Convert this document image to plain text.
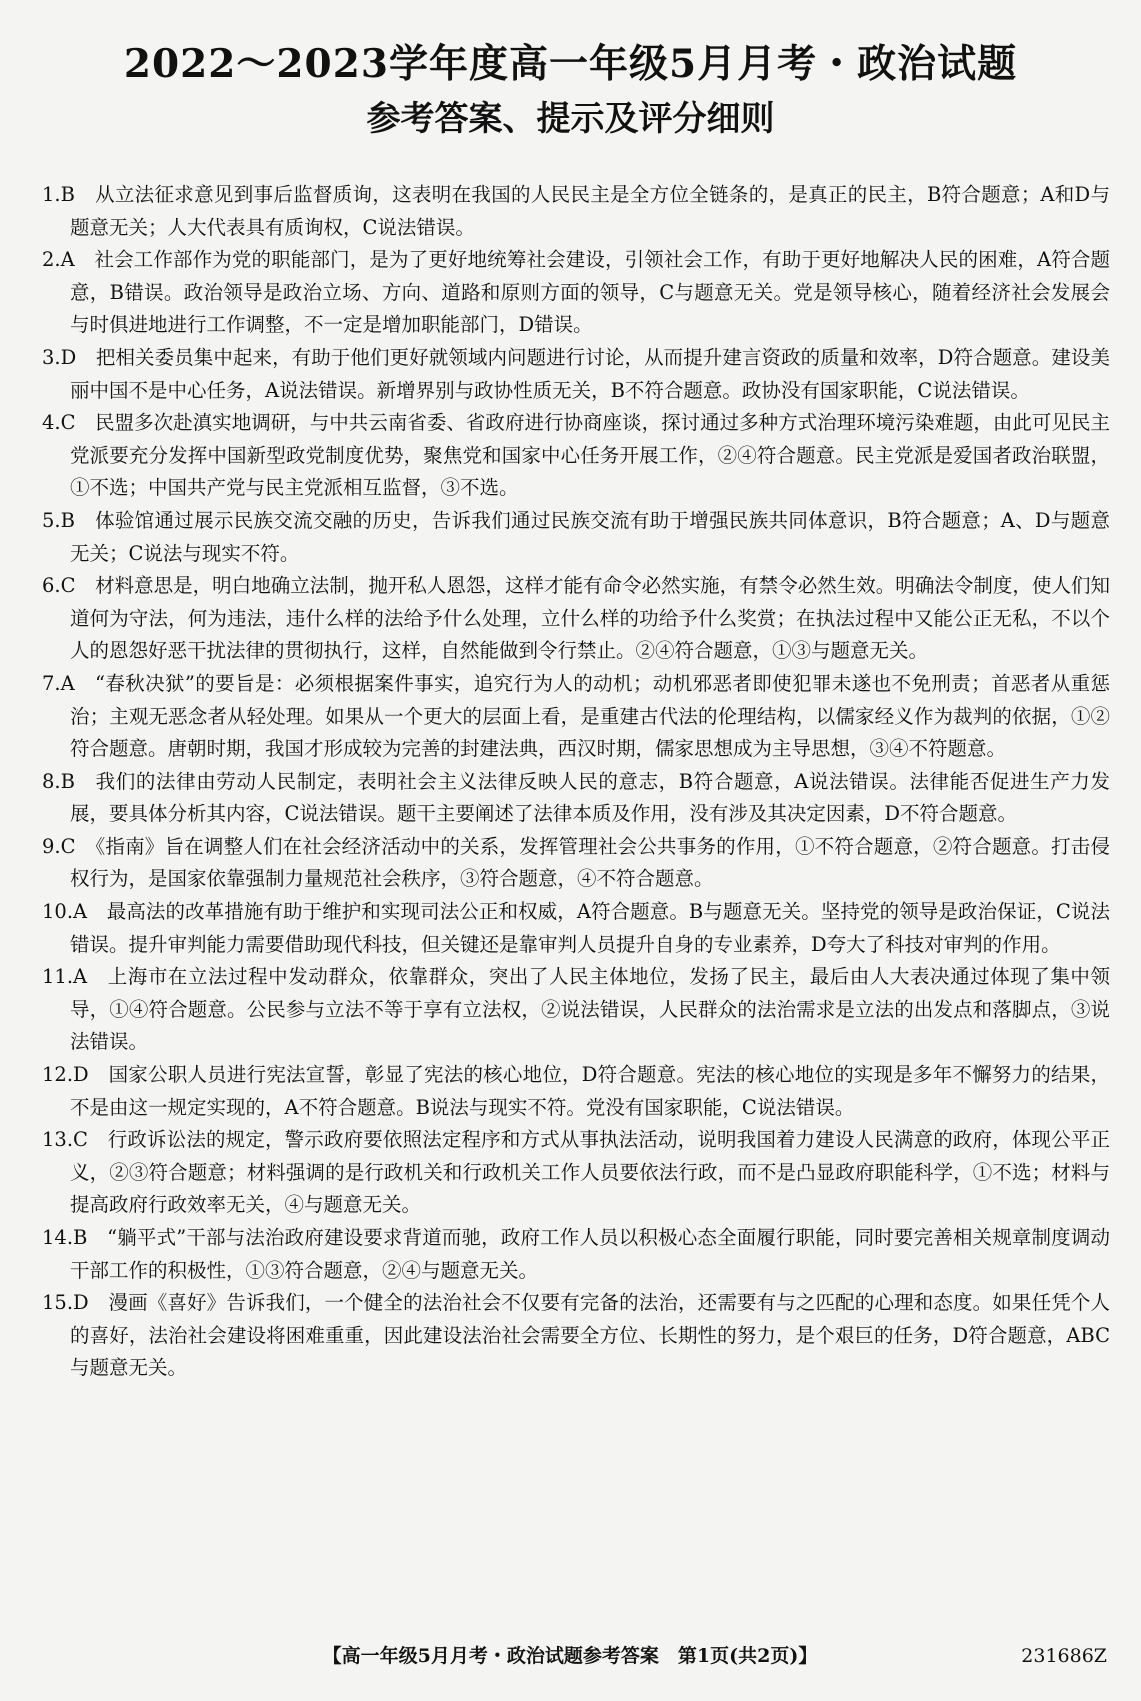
2022～2023学年度高一年级5月月考・政治试题
参考答案、提示及评分细则
1.B　 从立法征求意见到事后监督质询，这表明在我国的人民民主是全方位全链条的，是真正的民主，B符合题意；A和D与题意无关；人大代表具有质询权，C说法错误。
2.A　 社会工作部作为党的职能部门，是为了更好地统筹社会建设，引领社会工作，有助于更好地解决人民的困难，A符合题意，B错误。政治领导是政治立场、方向、道路和原则方面的领导，C与题意无关。党是领导核心，随着经济社会发展会与时俱进地进行工作调整，不一定是增加职能部门，D错误。
3.D　 把相关委员集中起来，有助于他们更好就领域内问题进行讨论，从而提升建言资政的质量和效率，D符合题意。建设美丽中国不是中心任务，A说法错误。新增界别与政协性质无关，B不符合题意。政协没有国家职能，C说法错误。
4.C　 民盟多次赴滇实地调研，与中共云南省委、省政府进行协商座谈，探讨通过多种方式治理环境污染难题，由此可见民主党派要充分发挥中国新型政党制度优势，聚焦党和国家中心任务开展工作，②④符合题意。民主党派是爱国者政治联盟，①不选；中国共产党与民主党派相互监督，③不选。
5.B　 体验馆通过展示民族交流交融的历史，告诉我们通过民族交流有助于增强民族共同体意识，B符合题意；A、D与题意无关；C说法与现实不符。
6.C　 材料意思是，明白地确立法制，抛开私人恩怨，这样才能有命令必然实施，有禁令必然生效。明确法令制度，使人们知道何为守法，何为违法，违什么样的法给予什么处理，立什么样的功给予什么奖赏；在执法过程中又能公正无私，不以个人的恩怨好恶干扰法律的贯彻执行，这样，自然能做到令行禁止。②④符合题意，①③与题意无关。
7.A　 “春秋决狱”的要旨是：必须根据案件事实，追究行为人的动机；动机邪恶者即使犯罪未遂也不免刑责；首恶者从重惩治；主观无恶念者从轻处理。如果从一个更大的层面上看，是重建古代法的伦理结构，以儒家经义作为裁判的依据，①②符合题意。唐朝时期，我国才形成较为完善的封建法典，西汉时期，儒家思想成为主导思想，③④不符题意。
8.B　 我们的法律由劳动人民制定，表明社会主义法律反映人民的意志，B符合题意，A说法错误。法律能否促进生产力发展，要具体分析其内容，C说法错误。题干主要阐述了法律本质及作用，没有涉及其决定因素，D不符合题意。
9.C　 《指南》旨在调整人们在社会经济活动中的关系，发挥管理社会公共事务的作用，①不符合题意，②符合题意。打击侵权行为，是国家依靠强制力量规范社会秩序，③符合题意，④不符合题意。
10.A　 最高法的改革措施有助于维护和实现司法公正和权威，A符合题意。B与题意无关。坚持党的领导是政治保证，C说法错误。提升审判能力需要借助现代科技，但关键还是靠审判人员提升自身的专业素养，D夸大了科技对审判的作用。
11.A　 上海市在立法过程中发动群众，依靠群众，突出了人民主体地位，发扬了民主，最后由人大表决通过体现了集中领导，①④符合题意。公民参与立法不等于享有立法权，②说法错误，人民群众的法治需求是立法的出发点和落脚点，③说法错误。
12.D　 国家公职人员进行宪法宣誓，彰显了宪法的核心地位，D符合题意。宪法的核心地位的实现是多年不懈努力的结果，不是由这一规定实现的，A不符合题意。B说法与现实不符。党没有国家职能，C说法错误。
13.C　 行政诉讼法的规定，警示政府要依照法定程序和方式从事执法活动，说明我国着力建设人民满意的政府，体现公平正义，②③符合题意；材料强调的是行政机关和行政机关工作人员要依法行政，而不是凸显政府职能科学，①不选；材料与提高政府行政效率无关，④与题意无关。
14.B　 “躺平式”干部与法治政府建设要求背道而驰，政府工作人员以积极心态全面履行职能，同时要完善相关规章制度调动干部工作的积极性，①③符合题意，②④与题意无关。
15.D　 漫画《喜好》告诉我们，一个健全的法治社会不仅要有完备的法治，还需要有与之匹配的心理和态度。如果任凭个人的喜好，法治社会建设将困难重重，因此建设法治社会需要全方位、长期性的努力，是个艰巨的任务，D符合题意，ABC与题意无关。
【高一年级5月月考・政治试题参考答案　第1页(共2页)】	231686Z
